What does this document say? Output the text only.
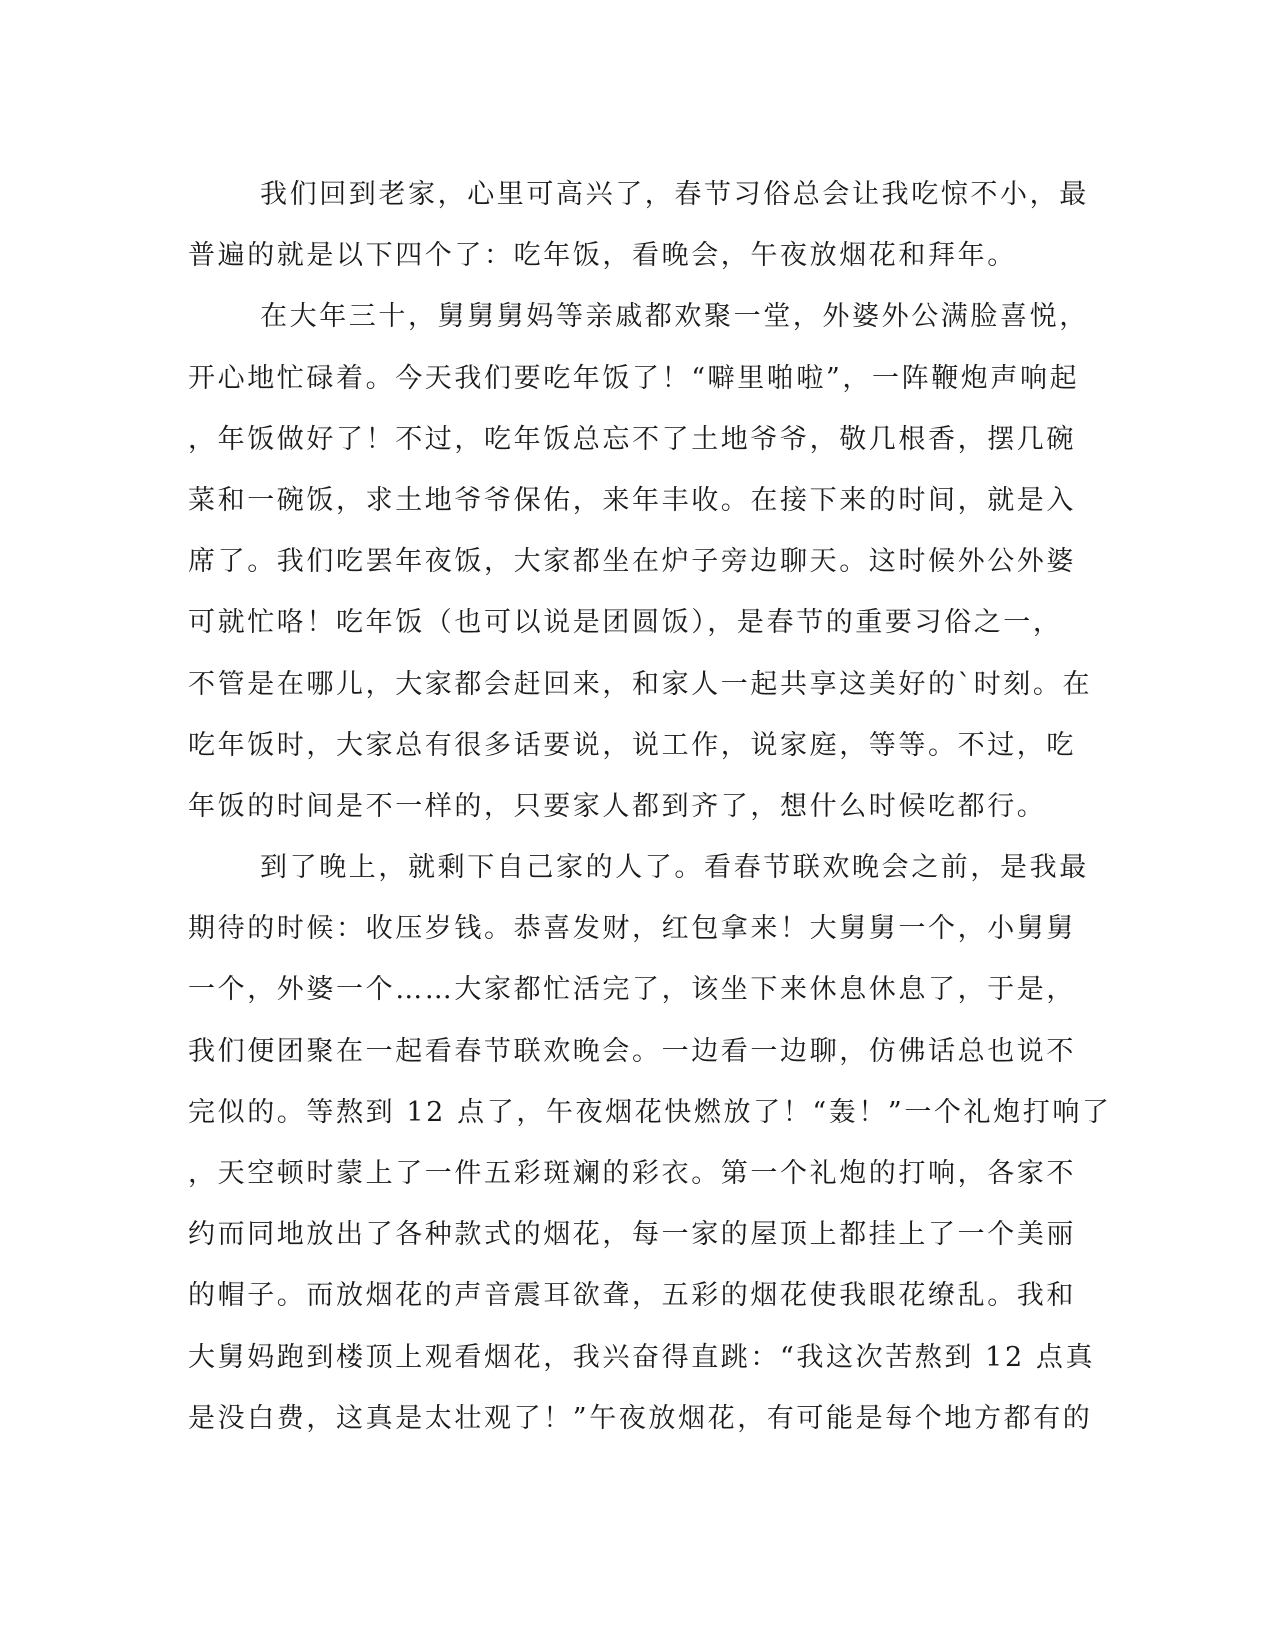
我们回到老家，心里可高兴了，春节习俗总会让我吃惊不小，最
普遍的就是以下四个了：吃年饭，看晚会，午夜放烟花和拜年。
在大年三十，舅舅舅妈等亲戚都欢聚一堂，外婆外公满脸喜悦，
开心地忙碌着。今天我们要吃年饭了！“噼里啪啦”，一阵鞭炮声响起
，年饭做好了！不过，吃年饭总忘不了土地爷爷，敬几根香，摆几碗
菜和一碗饭，求土地爷爷保佑，来年丰收。在接下来的时间，就是入
席了。我们吃罢年夜饭，大家都坐在炉子旁边聊天。这时候外公外婆
可就忙咯！吃年饭（也可以说是团圆饭），是春节的重要习俗之一，
不管是在哪儿，大家都会赶回来，和家人一起共享这美好的`时刻。在
吃年饭时，大家总有很多话要说，说工作，说家庭，等等。不过，吃
年饭的时间是不一样的，只要家人都到齐了，想什么时候吃都行。
到了晚上，就剩下自己家的人了。看春节联欢晚会之前，是我最
期待的时候：收压岁钱。恭喜发财，红包拿来！大舅舅一个，小舅舅
一个，外婆一个……大家都忙活完了，该坐下来休息休息了，于是，
我们便团聚在一起看春节联欢晚会。一边看一边聊，仿佛话总也说不
完似的。等熬到 12 点了，午夜烟花快燃放了！“轰！”一个礼炮打响了
，天空顿时蒙上了一件五彩斑斓的彩衣。第一个礼炮的打响，各家不
约而同地放出了各种款式的烟花，每一家的屋顶上都挂上了一个美丽
的帽子。而放烟花的声音震耳欲聋，五彩的烟花使我眼花缭乱。我和
大舅妈跑到楼顶上观看烟花，我兴奋得直跳：“我这次苦熬到 12 点真
是没白费，这真是太壮观了！”午夜放烟花，有可能是每个地方都有的
